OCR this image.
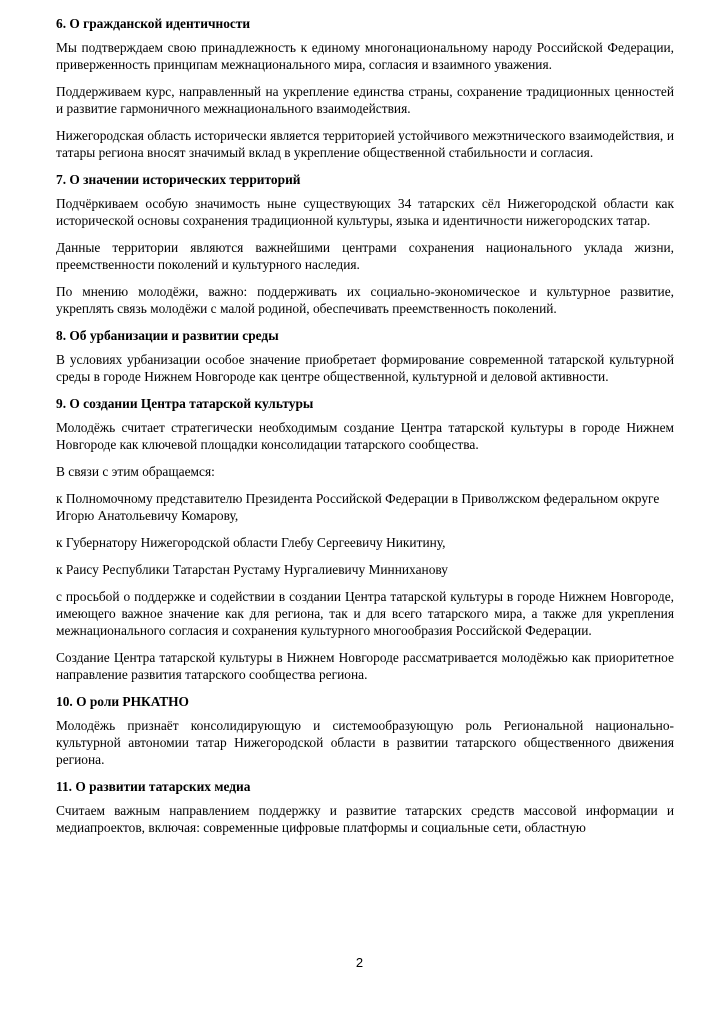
6. О гражданской идентичности

Мы подтверждаем свою принадлежность к единому многонациональному народу Российской Федерации, приверженность принципам межнационального мира, согласия и взаимного уважения.

Поддерживаем курс, направленный на укрепление единства страны, сохранение традиционных ценностей и развитие гармоничного межнационального взаимодействия.

Нижегородская область исторически является территорией устойчивого межэтнического взаимодействия, и татары региона вносят значимый вклад в укрепление общественной стабильности и согласия.

7. О значении исторических территорий

Подчёркиваем особую значимость ныне существующих 34 татарских сёл Нижегородской области как исторической основы сохранения традиционной культуры, языка и идентичности нижегородских татар.

Данные территории являются важнейшими центрами сохранения национального уклада жизни, преемственности поколений и культурного наследия.

По мнению молодёжи, важно: поддерживать их социально-экономическое и культурное развитие, укреплять связь молодёжи с малой родиной, обеспечивать преемственность поколений.

8. Об урбанизации и развитии среды

В условиях урбанизации особое значение приобретает формирование современной татарской культурной среды в городе Нижнем Новгороде как центре общественной, культурной и деловой активности.

9. О создании Центра татарской культуры

Молодёжь считает стратегически необходимым создание Центра татарской культуры в городе Нижнем Новгороде как ключевой площадки консолидации татарского сообщества.

В связи с этим обращаемся:

к Полномочному представителю Президента Российской Федерации в Приволжском федеральном округе Игорю Анатольевичу Комарову,

к Губернатору Нижегородской области Глебу Сергеевичу Никитину,

к Раису Республики Татарстан Рустаму Нургалиевичу Минниханову

с просьбой о поддержке и содействии в создании Центра татарской культуры в городе Нижнем Новгороде, имеющего важное значение как для региона, так и для всего татарского мира, а также для укрепления межнационального согласия и сохранения культурного многообразия Российской Федерации.

Создание Центра татарской культуры в Нижнем Новгороде рассматривается молодёжью как приоритетное направление развития татарского сообщества региона.

10. О роли РНКАТНО

Молодёжь признаёт консолидирующую и системообразующую роль Региональной национально-культурной автономии татар Нижегородской области в развитии татарского общественного движения региона.

11. О развитии татарских медиа

Считаем важным направлением поддержку и развитие татарских средств массовой информации и медиапроектов, включая: современные цифровые платформы и социальные сети, областную

2
